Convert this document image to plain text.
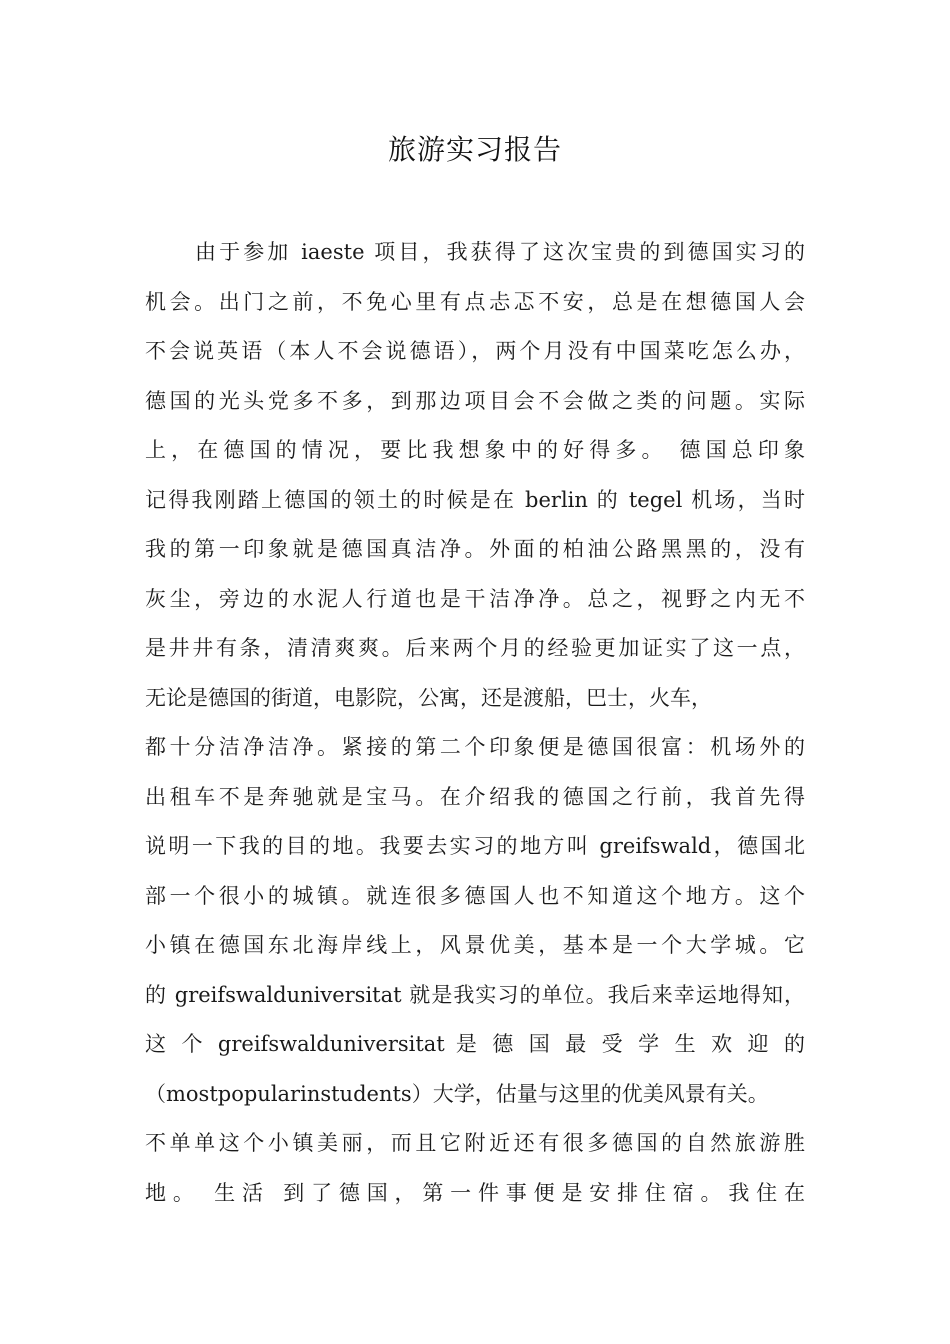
旅游实习报告
由于参加 iaeste 项目，我获得了这次宝贵的到德国实习的
机会。出门之前，不免心里有点忐忑不安，总是在想德国人会
不会说英语（本人不会说德语），两个月没有中国菜吃怎么办，
德国的光头党多不多，到那边项目会不会做之类的问题。实际
上，在德国的情况，要比我想象中的好得多。 德国总印象
记得我刚踏上德国的领土的时候是在 berlin 的 tegel 机场，当时
我的第一印象就是德国真洁净。外面的柏油公路黑黑的，没有
灰尘，旁边的水泥人行道也是干洁净净。总之，视野之内无不
是井井有条，清清爽爽。后来两个月的经验更加证实了这一点，
无论是德国的街道，电影院，公寓，还是渡船，巴士，火车，
都十分洁净洁净。紧接的第二个印象便是德国很富：机场外的
出租车不是奔驰就是宝马。在介绍我的德国之行前，我首先得
说明一下我的目的地。我要去实习的地方叫 greifswald，德国北
部一个很小的城镇。就连很多德国人也不知道这个地方。这个
小镇在德国东北海岸线上，风景优美，基本是一个大学城。它
的 greifswalduniversitat 就是我实习的单位。我后来幸运地得知，
这 个 greifswalduniversitat 是 德 国 最 受 学 生 欢 迎 的
（mostpopularinstudents）大学，估量与这里的优美风景有关。
不单单这个小镇美丽，而且它附近还有很多德国的自然旅游胜
地。 生活 到了德国，第一件事便是安排住宿。我住在
